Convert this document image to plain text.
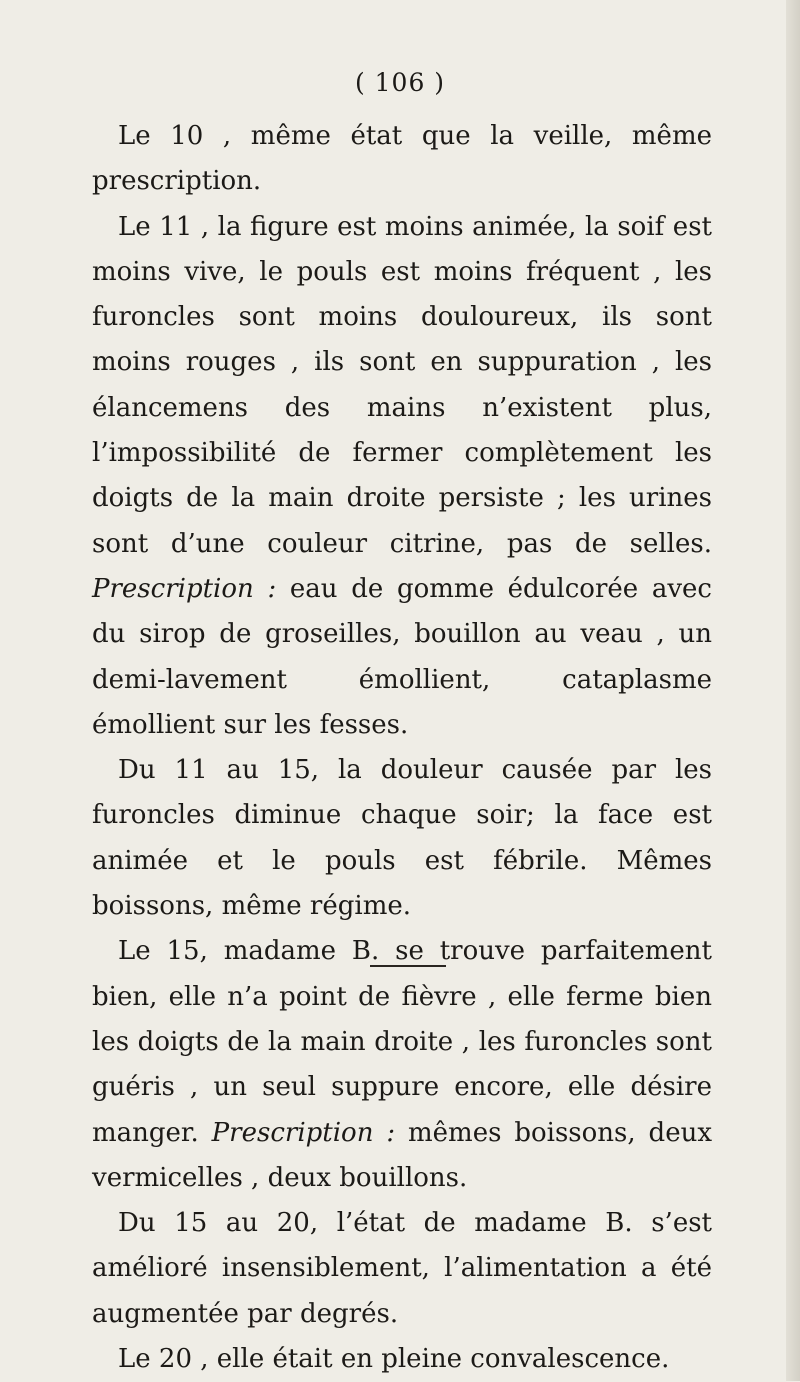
( 106 )

Le 10 , même état que la veille, même prescription.

Le 11 , la figure est moins animée, la soif est moins vive, le pouls est moins fréquent , les furoncles sont moins douloureux, ils sont moins rouges , ils sont en suppuration , les élancemens des mains n’existent plus, l’impossibilité de fermer complètement les doigts de la main droite persiste ; les urines sont d’une couleur citrine, pas de selles. Prescription : eau de gomme édulcorée avec du sirop de groseilles, bouillon au veau , un demi-lavement émollient, cataplasme émollient sur les fesses.

Du 11 au 15, la douleur causée par les furoncles diminue chaque soir; la face est animée et le pouls est fébrile. Mêmes boissons, même régime.

Le 15, madame B. se trouve parfaitement bien, elle n’a point de fièvre , elle ferme bien les doigts de la main droite , les furoncles sont guéris , un seul suppure encore, elle désire manger. Prescription : mêmes boissons, deux vermicelles , deux bouillons.

Du 15 au 20, l’état de madame B. s’est amélioré insensiblement, l’alimentation a été augmentée par degrés.

Le 20 , elle était en pleine convalescence.
